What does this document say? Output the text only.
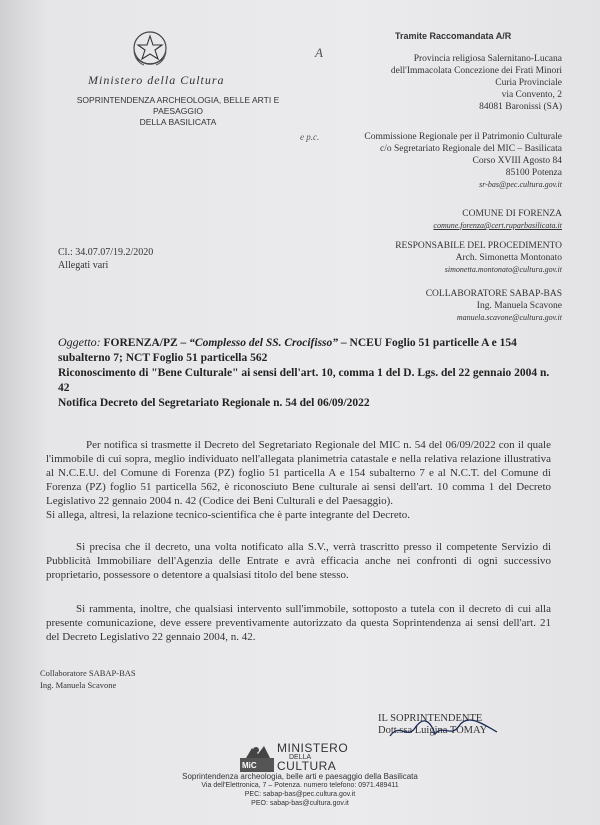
Ministero della Cultura
SOPRINTENDENZA ARCHEOLOGIA, BELLE ARTI E PAESAGGIO
DELLA BASILICATA
A
Tramite Raccomandata A/R
Provincia religiosa Salernitano-Lucana
dell'Immacolata Concezione dei Frati Minori
Curia Provinciale
via Convento, 2
84081 Baronissi (SA)
e p.c.	Commissione Regionale per il Patrimonio Culturale
c/o Segretariato Regionale del MIC – Basilicata
Corso XVIII Agosto 84
85100 Potenza
sr-bas@pec.cultura.gov.it
COMUNE DI FORENZA
comune.forenza@cert.ruparbasilicata.it
RESPONSABILE DEL PROCEDIMENTO
Arch. Simonetta Montonato
simonetta.montonato@cultura.gov.it
COLLABORATORE SABAP-BAS
Ing. Manuela Scavone
manuela.scavone@cultura.gov.it
Cl.: 34.07.07/19.2/2020
Allegati vari
Oggetto: FORENZA/PZ – “Complesso del SS. Crocifisso” – NCEU Foglio 51 particelle A e 154 subalterno 7; NCT Foglio 51 particella 562
Riconoscimento di "Bene Culturale" ai sensi dell'art. 10, comma 1 del D. Lgs. del 22 gennaio 2004 n. 42
Notifica Decreto del Segretariato Regionale n. 54 del 06/09/2022
Per notifica si trasmette il Decreto del Segretariato Regionale del MIC n. 54 del 06/09/2022 con il quale l'immobile di cui sopra, meglio individuato nell'allegata planimetria catastale e nella relativa relazione illustrativa al N.C.E.U. del Comune di Forenza (PZ) foglio 51 particella A e 154 subalterno 7 e al N.C.T. del Comune di Forenza (PZ) foglio 51 particella 562, è riconosciuto Bene culturale ai sensi dell'art. 10 comma 1 del Decreto Legislativo 22 gennaio 2004 n. 42 (Codice dei Beni Culturali e del Paesaggio).
Si allega, altresì, la relazione tecnico-scientifica che è parte integrante del Decreto.
Si precisa che il decreto, una volta notificato alla S.V., verrà trascritto presso il competente Servizio di Pubblicità Immobiliare dell'Agenzia delle Entrate e avrà efficacia anche nei confronti di ogni successivo proprietario, possessore o detentore a qualsiasi titolo del bene stesso.
Si rammenta, inoltre, che qualsiasi intervento sull'immobile, sottoposto a tutela con il decreto di cui alla presente comunicazione, deve essere preventivamente autorizzato da questa Soprintendenza ai sensi dell'art. 21 del Decreto Legislativo 22 gennaio 2004, n. 42.
Collaboratore SABAP-BAS
Ing. Manuela Scavone
IL SOPRINTENDENTE
Dott.ssa Luigina TOMAY
MiC
MINISTERO
DELLA
CULTURA
Soprintendenza archeologia, belle arti e paesaggio della Basilicata
Via dell'Elettronica, 7 – Potenza. numero telefono: 0971.489411
PEC: sabap-bas@pec.cultura.gov.it
PEO: sabap-bas@cultura.gov.it
